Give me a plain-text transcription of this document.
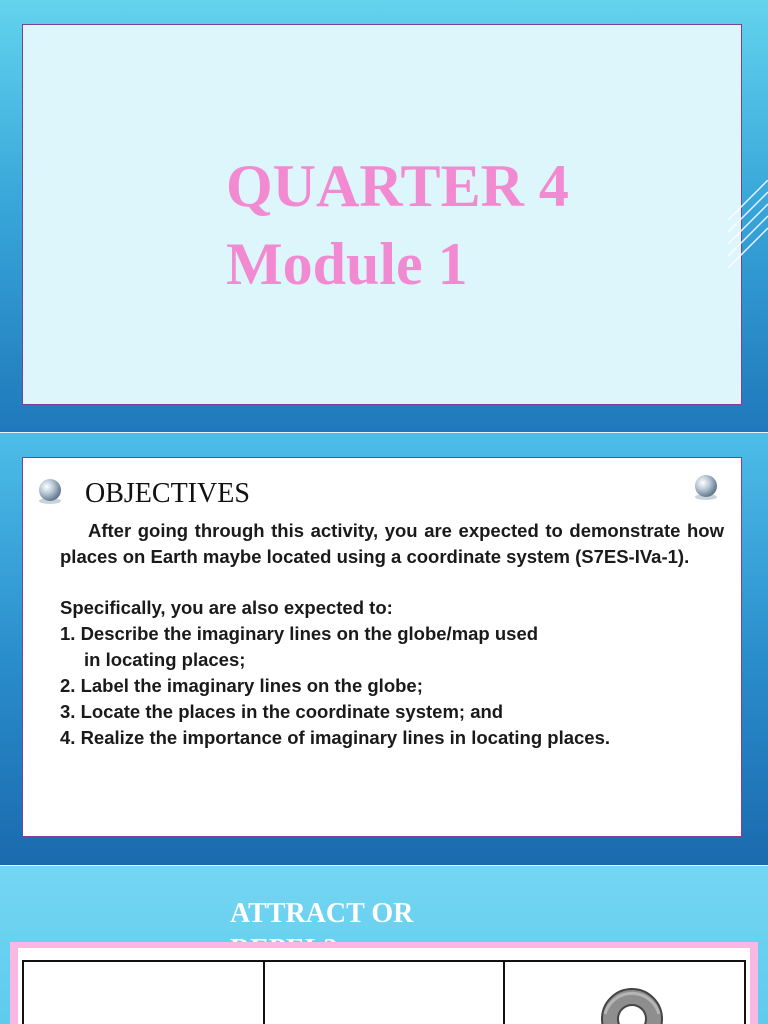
QUARTER 4
Module 1
OBJECTIVES

After going through this activity, you are expected to demonstrate how places on Earth maybe located using a coordinate system (S7ES-IVa-1).

Specifically, you are also expected to:

1. Describe the imaginary lines on the globe/map used

in locating places;

2. Label the imaginary lines on the globe;

3. Locate the places in the coordinate system; and

4. Realize the importance of imaginary lines in locating places.

ATTRACT OR
